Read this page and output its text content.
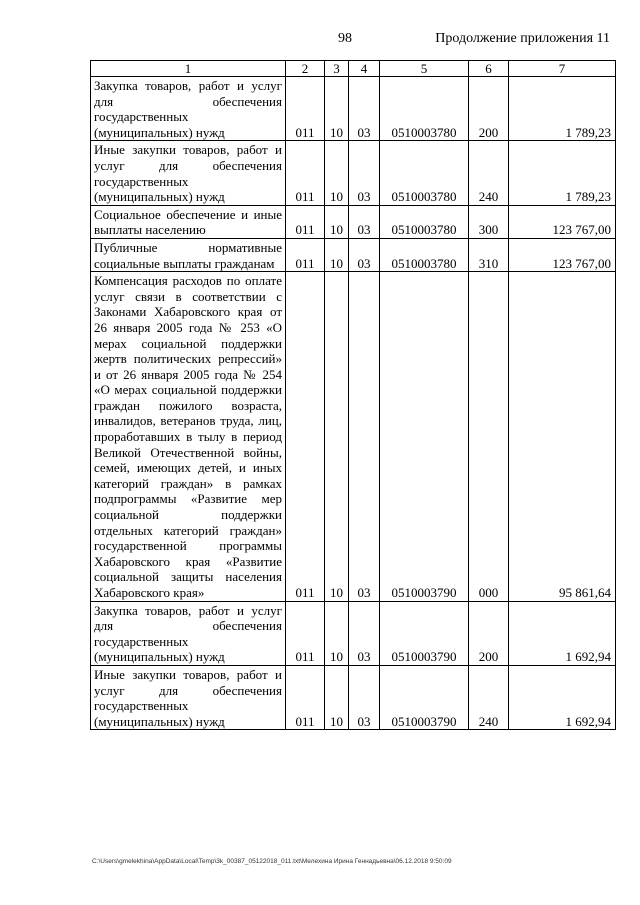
98	Продолжение приложения 11
1	2	3	4	5	6	7
Закупка товаров, работ и услуг для обеспечения государственных (муниципальных) нужд	011	10	03	0510003780	200	1 789,23
Иные закупки товаров, работ и услуг для обеспечения государственных (муниципальных) нужд	011	10	03	0510003780	240	1 789,23
Социальное обеспечение и иные выплаты населению	011	10	03	0510003780	300	123 767,00
Публичные нормативные социальные выплаты гражданам	011	10	03	0510003780	310	123 767,00
Компенсация расходов по оплате услуг связи в соответствии с Законами Хабаровского края от 26 января 2005 года № 253 «О мерах социальной поддержки жертв политических репрессий» и от 26 января 2005 года № 254 «О мерах социальной поддержки граждан пожилого возраста, инвалидов, ветеранов труда, лиц, проработавших в тылу в период Великой Отечественной войны, семей, имеющих детей, и иных категорий граждан» в рамках подпрограммы «Развитие мер социальной поддержки отдельных категорий граждан» государственной программы Хабаровского края «Развитие социальной защиты населения Хабаровского края»	011	10	03	0510003790	000	95 861,64
Закупка товаров, работ и услуг для обеспечения государственных (муниципальных) нужд	011	10	03	0510003790	200	1 692,94
Иные закупки товаров, работ и услуг для обеспечения государственных (муниципальных) нужд	011	10	03	0510003790	240	1 692,94
C:\Users\gmelekhina\AppData\Local\Temp\3k_00387_05122018_011.txt\Мелехина Ирина Геннадьевна\06.12.2018 9:50:09
